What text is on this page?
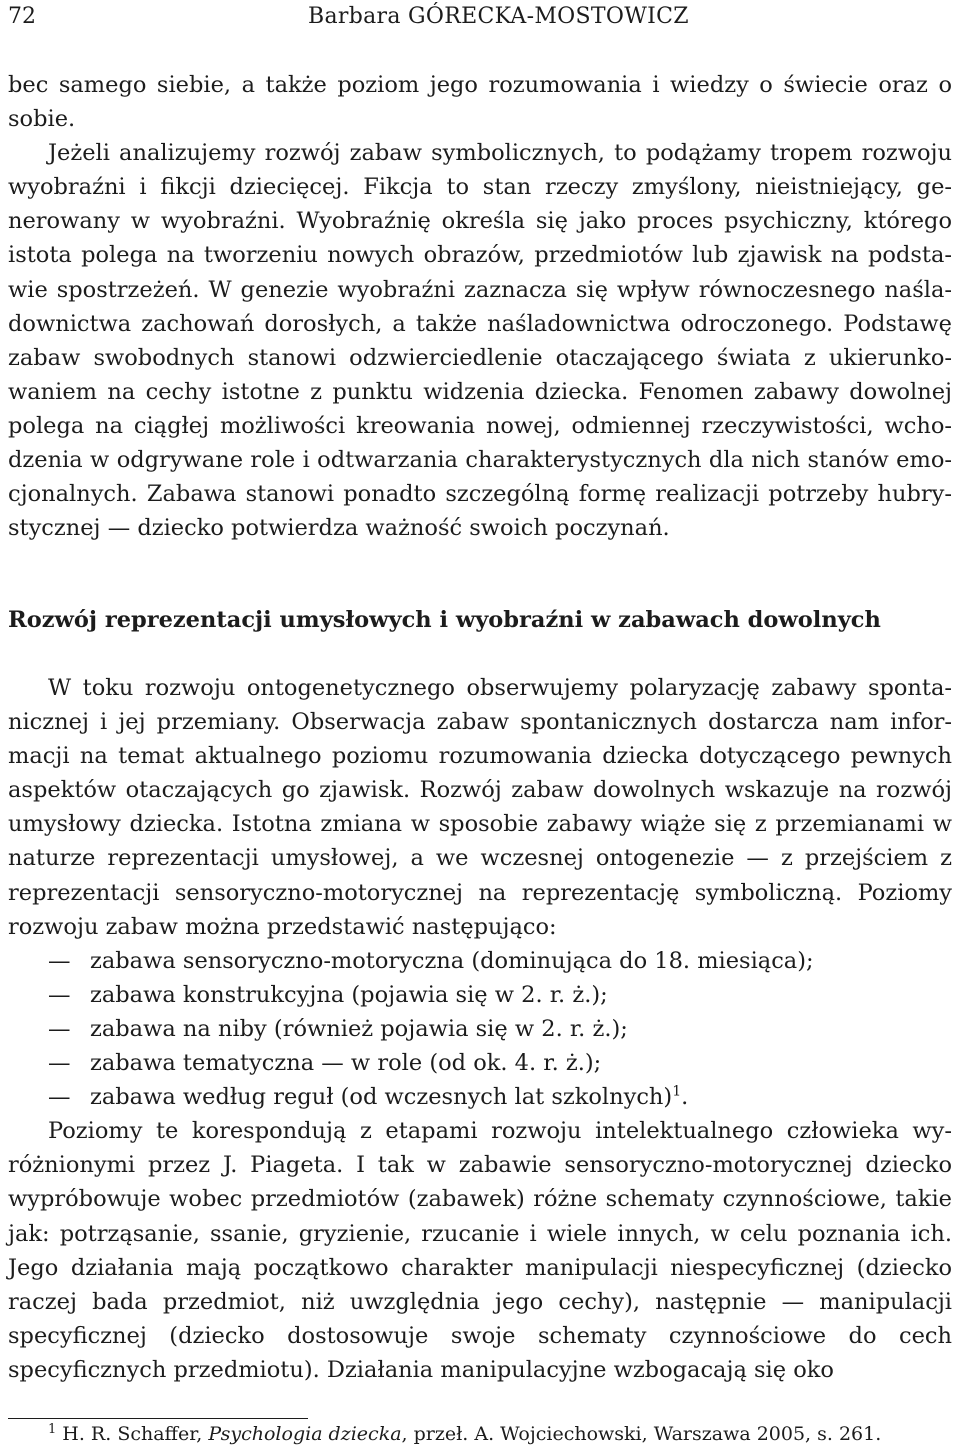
72	Barbara GÓRECKA-MOSTOWICZ

bec samego siebie, a także poziom jego rozumowania i wiedzy o świecie oraz o sobie.

Jeżeli analizujemy rozwój zabaw symbolicznych, to podążamy tropem rozwoju wyobraźni i fikcji dziecięcej. Fikcja to stan rzeczy zmyślony, nieistniejący, generowany w wyobraźni. Wyobraźnię określa się jako proces psychiczny, którego istota polega na tworzeniu nowych obrazów, przedmiotów lub zjawisk na podstawie spostrzeżeń. W genezie wyobraźni zaznacza się wpływ równoczesnego naśladownictwa zachowań dorosłych, a także naśladownictwa odroczonego. Podstawę zabaw swobodnych stanowi odzwierciedlenie otaczającego świata z ukierunkowaniem na cechy istotne z punktu widzenia dziecka. Fenomen zabawy dowolnej polega na ciągłej możliwości kreowania nowej, odmiennej rzeczywistości, wchodzenia w odgrywane role i odtwarzania charakterystycznych dla nich stanów emocjonalnych. Zabawa stanowi ponadto szczególną formę realizacji potrzeby hubrystycznej — dziecko potwierdza ważność swoich poczynań.

Rozwój reprezentacji umysłowych i wyobraźni w zabawach dowolnych

W toku rozwoju ontogenetycznego obserwujemy polaryzację zabawy spontanicznej i jej przemiany. Obserwacja zabaw spontanicznych dostarcza nam informacji na temat aktualnego poziomu rozumowania dziecka dotyczącego pewnych aspektów otaczających go zjawisk. Rozwój zabaw dowolnych wskazuje na rozwój umysłowy dziecka. Istotna zmiana w sposobie zabawy wiąże się z przemianami w naturze reprezentacji umysłowej, a we wczesnej ontogenezie — z przejściem z reprezentacji sensoryczno-motorycznej na reprezentację symboliczną. Poziomy rozwoju zabaw można przedstawić następująco:

— zabawa sensoryczno-motoryczna (dominująca do 18. miesiąca);
— zabawa konstrukcyjna (pojawia się w 2. r. ż.);
— zabawa na niby (również pojawia się w 2. r. ż.);
— zabawa tematyczna — w role (od ok. 4. r. ż.);
— zabawa według reguł (od wczesnych lat szkolnych)$^1$.

Poziomy te korespondują z etapami rozwoju intelektualnego człowieka wyróżnionymi przez J. Piageta. I tak w zabawie sensoryczno-motorycznej dziecko wypróbowuje wobec przedmiotów (zabawek) różne schematy czynnościowe, takie jak: potrząsanie, ssanie, gryzienie, rzucanie i wiele innych, w celu poznania ich. Jego działania mają początkowo charakter manipulacji niespecyficznej (dziecko raczej bada przedmiot, niż uwzględnia jego cechy), następnie — manipulacji specyficznej (dziecko dostosowuje swoje schematy czynnościowe do cech specyficznych przedmiotu). Działania manipulacyjne wzbogacają się oko

$^1$ H. R. Schaffer, Psychologia dziecka, przeł. A. Wojciechowski, Warszawa 2005, s. 261.
